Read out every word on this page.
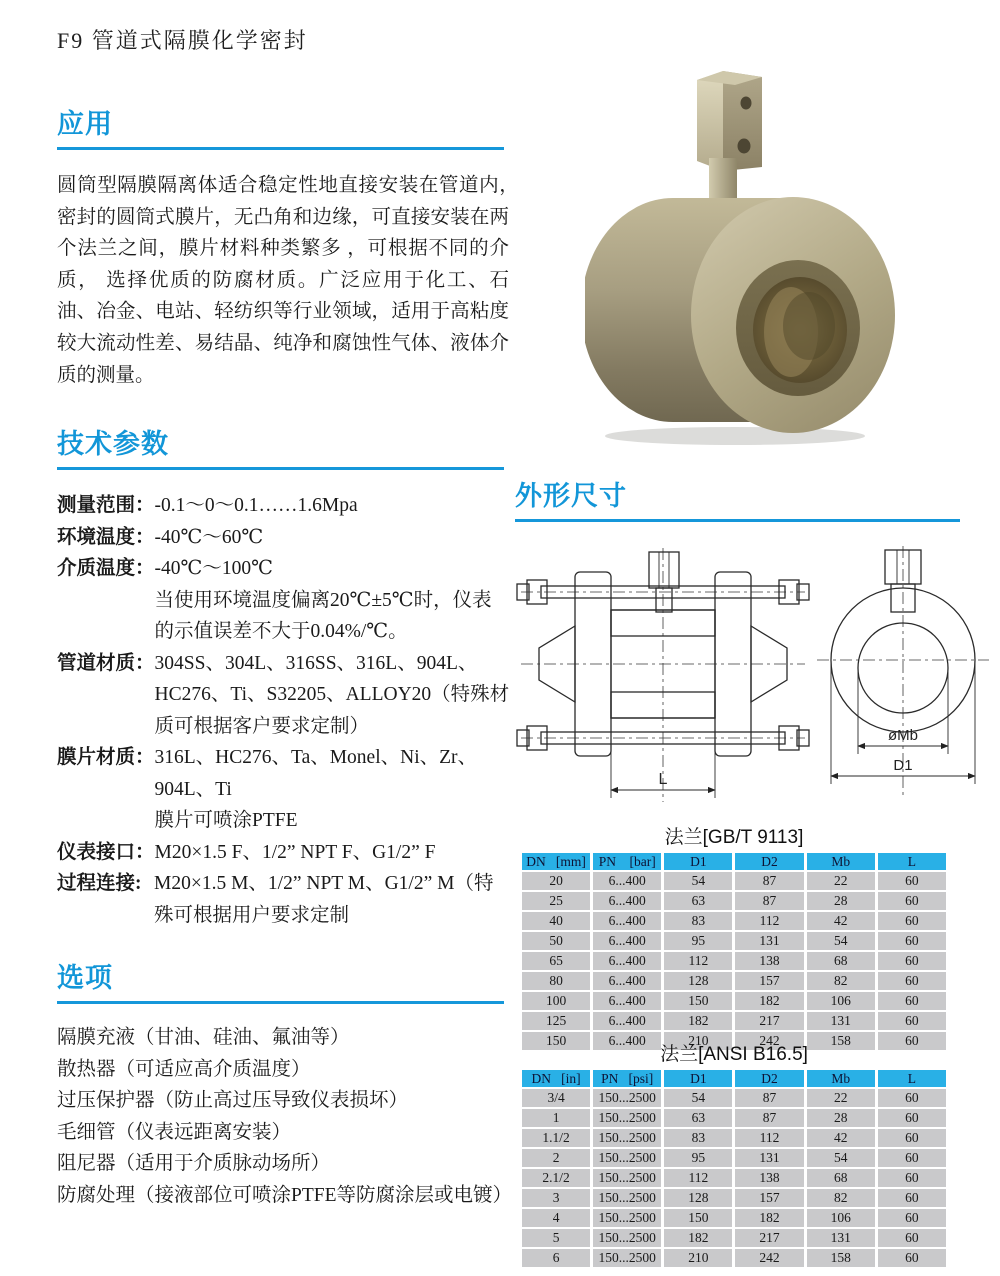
F9 管道式隔膜化学密封
应用
圆筒型隔膜隔离体适合稳定性地直接安装在管道内，　　密封的圆筒式膜片，无凸角和边缘，可直接安装在两个法兰之间，膜片材料种类繁多 ，可根据不同的介质， 选择优质的防腐材质。广泛应用于化工、石油、冶金、电站、轻纺织等行业领域，适用于高粘度较大流动性差、易结晶、纯净和腐蚀性气体、液体介质的测量。
技术参数
测量范围： -0.1～0～0.1……1.6Mpa
环境温度： -40℃～60℃
介质温度： -40℃～100℃
当使用环境温度偏离20℃±5℃时，仪表
的示值误差不大于0.04%/℃。
管道材质： 304SS、304L、316SS、316L、904L、
HC276、Ti、S32205、ALLOY20（特殊材
质可根据客户要求定制）
膜片材质： 316L、HC276、Ta、Monel、Ni、Zr、
904L、Ti
膜片可喷涂PTFE
仪表接口： M20×1.5 F、1/2” NPT F、G1/2” F
过程连接: M20×1.5 M、1/2” NPT M、G1/2” M（特
殊可根据用户要求定制
选项
隔膜充液（甘油、硅油、氟油等）
散热器（可适应高介质温度）
过压保护器（防止高过压导致仪表损坏）
毛细管（仪表远距离安装）
阻尼器（适用于介质脉动场所）
防腐处理（接液部位可喷涂PTFE等防腐涂层或电镀）
外形尺寸
L
øMb
D1
法兰[GB/T 9113]
DN   [mm]	PN    [bar]	D1	D2	Mb	L
20	6...400	54	87	22	60
25	6...400	63	87	28	60
40	6...400	83	112	42	60
50	6...400	95	131	54	60
65	6...400	112	138	68	60
80	6...400	128	157	82	60
100	6...400	150	182	106	60
125	6...400	182	217	131	60
150	6...400	210	242	158	60
法兰[ANSI B16.5]
DN   [in]	PN   [psi]	D1	D2	Mb	L
3/4	150...2500	54	87	22	60
1	150...2500	63	87	28	60
1.1/2	150...2500	83	112	42	60
2	150...2500	95	131	54	60
2.1/2	150...2500	112	138	68	60
3	150...2500	128	157	82	60
4	150...2500	150	182	106	60
5	150...2500	182	217	131	60
6	150...2500	210	242	158	60
